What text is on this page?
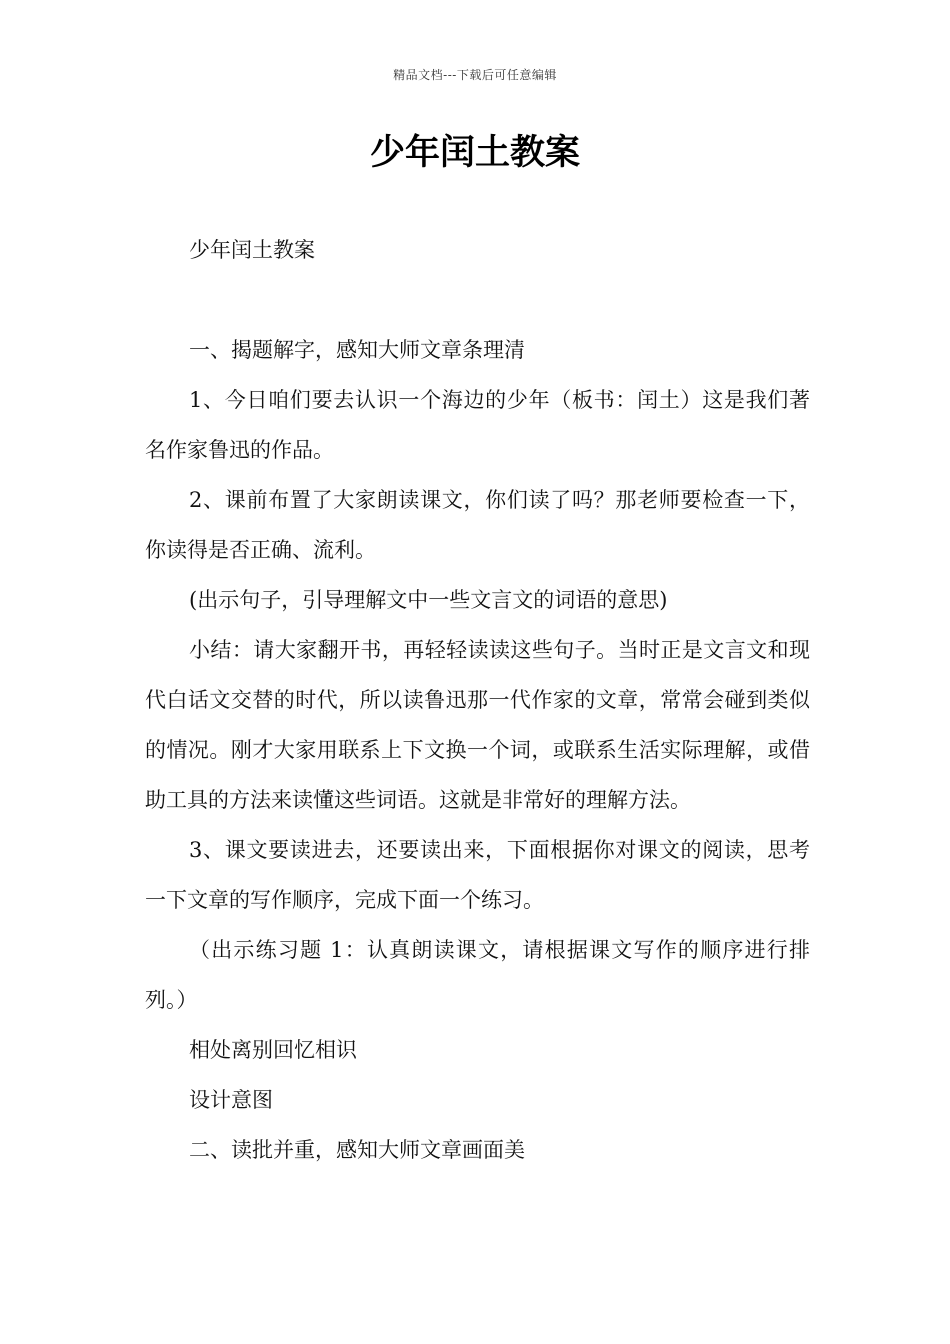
精品文档---下载后可任意编辑
少年闰土教案

少年闰土教案

一、揭题解字，感知大师文章条理清

1、今日咱们要去认识一个海边的少年（板书：闰土）这是我们著名作家鲁迅的作品。

2、课前布置了大家朗读课文，你们读了吗？那老师要检查一下，你读得是否正确、流利。

(出示句子，引导理解文中一些文言文的词语的意思)

小结：请大家翻开书，再轻轻读读这些句子。当时正是文言文和现代白话文交替的时代，所以读鲁迅那一代作家的文章，常常会碰到类似的情况。刚才大家用联系上下文换一个词，或联系生活实际理解，或借助工具的方法来读懂这些词语。这就是非常好的理解方法。

3、课文要读进去，还要读出来，下面根据你对课文的阅读，思考一下文章的写作顺序，完成下面一个练习。

（出示练习题 1：认真朗读课文，请根据课文写作的顺序进行排列。）

相处离别回忆相识

设计意图

二、读批并重，感知大师文章画面美
